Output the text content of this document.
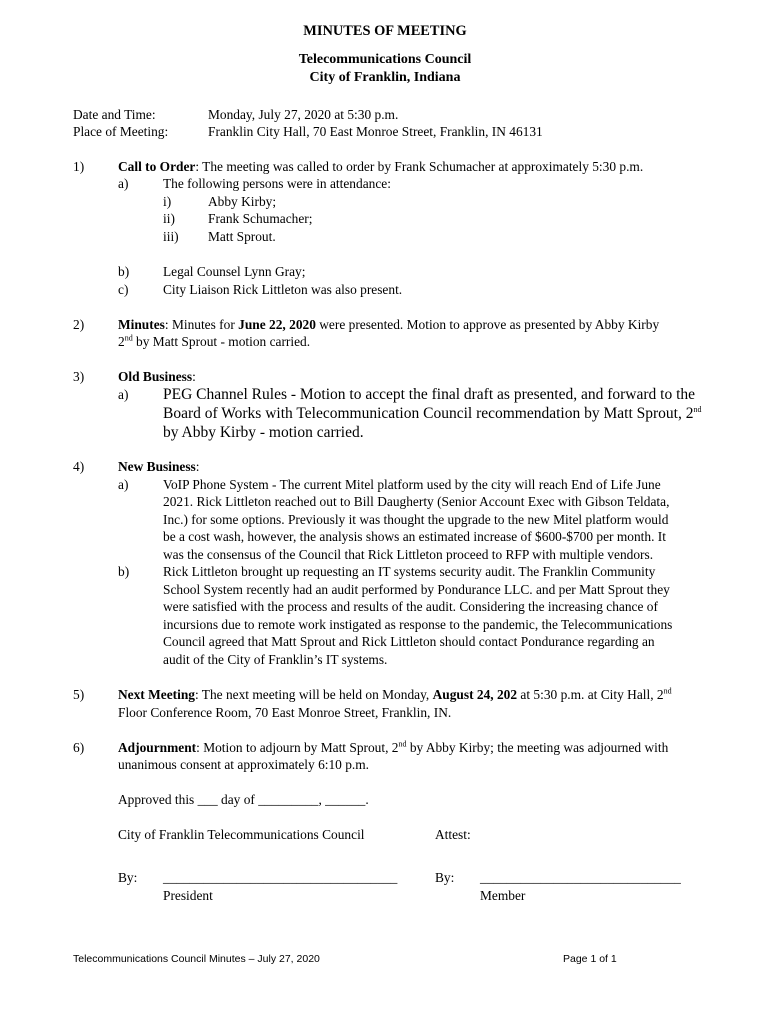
MINUTES OF MEETING
Telecommunications Council
City of Franklin, Indiana
Date and Time:	Monday, July 27, 2020 at 5:30 p.m.
Place of Meeting:	Franklin City Hall, 70 East Monroe Street, Franklin, IN 46131
1)	Call to Order: The meeting was called to order by Frank Schumacher at approximately 5:30 p.m.
a)	The following persons were in attendance:
i)	Abby Kirby;
ii) Frank Schumacher;
iii) Matt Sprout.
b)	Legal Counsel Lynn Gray;
c)	City Liaison Rick Littleton was also present.
2)	Minutes: Minutes for June 22, 2020 were presented. Motion to approve as presented by Abby Kirby
2nd by Matt Sprout - motion carried.
3)	Old Business:
a) PEG Channel Rules - Motion to accept the final draft as presented, and forward to the
Board of Works with Telecommunication Council recommendation by Matt Sprout, 2nd
by Abby Kirby - motion carried.
4)	New Business:
a)	VoIP Phone System - The current Mitel platform used by the city will reach End of Life June
2021. Rick Littleton reached out to Bill Daugherty (Senior Account Exec with Gibson Teldata,
Inc.) for some options. Previously it was thought the upgrade to the new Mitel platform would
be a cost wash, however, the analysis shows an estimated increase of $600-$700 per month. It
was the consensus of the Council that Rick Littleton proceed to RFP with multiple vendors.
b)	Rick Littleton brought up requesting an IT systems security audit. The Franklin Community
School System recently had an audit performed by Pondurance LLC. and per Matt Sprout they
were satisfied with the process and results of the audit. Considering the increasing chance of
incursions due to remote work instigated as response to the pandemic, the Telecommunications
Council agreed that Matt Sprout and Rick Littleton should contact Pondurance regarding an
audit of the City of Franklin’s IT systems.
5)	Next Meeting: The next meeting will be held on Monday, August 24, 202 at 5:30 p.m. at City Hall, 2nd
Floor Conference Room, 70 East Monroe Street, Franklin, IN.
6)	Adjournment: Motion to adjourn by Matt Sprout, 2nd by Abby Kirby; the meeting was adjourned with
unanimous consent at approximately 6:10 p.m.
Approved this ___ day of _________, ______.
City of Franklin Telecommunications Council	Attest:
By: ___________________________________
President
By: ______________________________
Member
Telecommunications Council Minutes – July 27, 2020	Page 1 of 1
